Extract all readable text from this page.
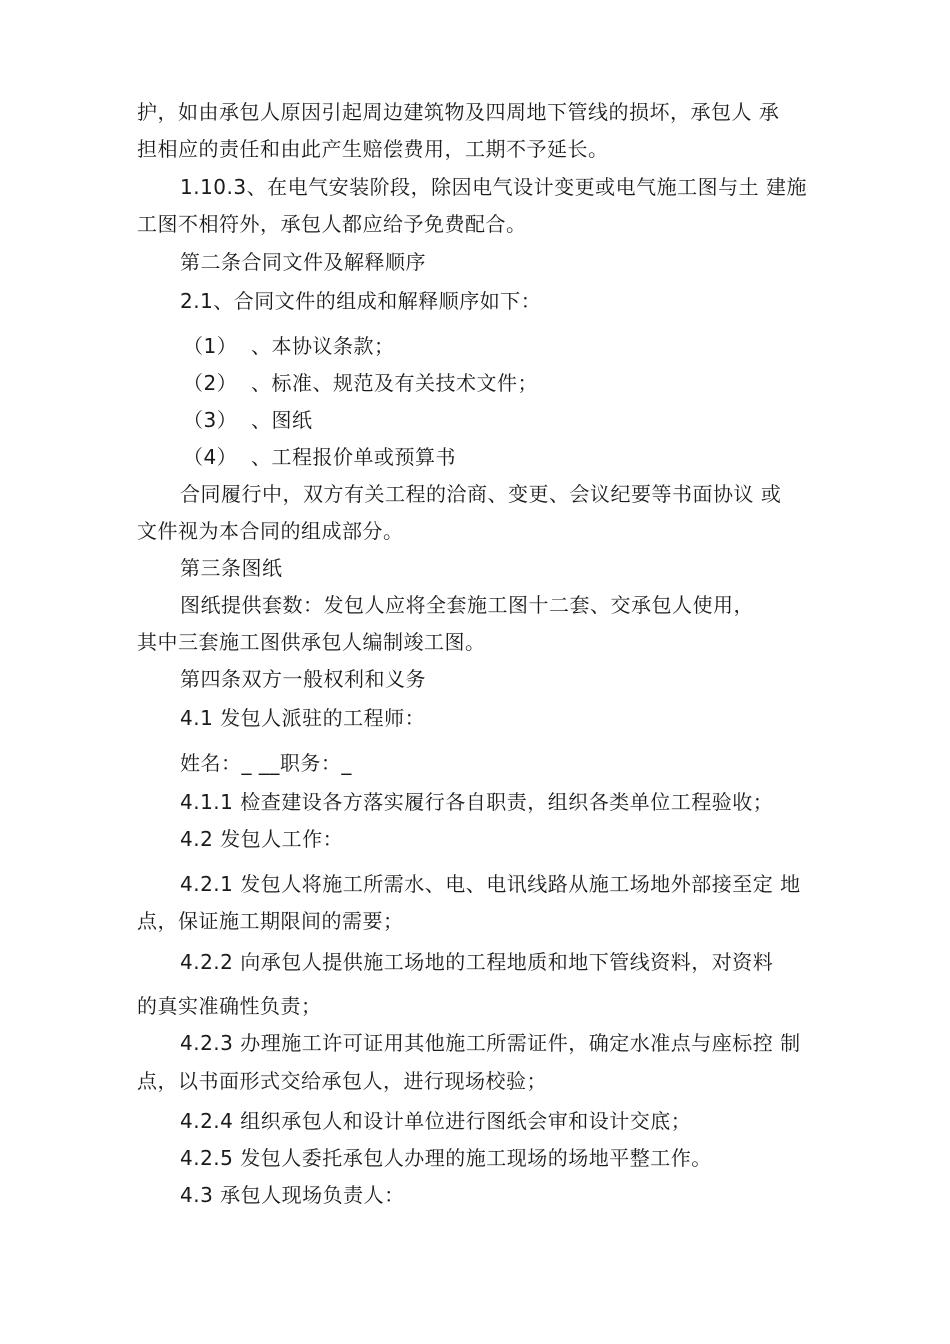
护，如由承包人原因引起周边建筑物及四周地下管线的损坏，承包人 承
担相应的责任和由此产生赔偿费用，工期不予延长。
1.10.3、在电气安装阶段，除因电气设计变更或电气施工图与土 建施
工图不相符外，承包人都应给予免费配合。
第二条合同文件及解释顺序
2.1、合同文件的组成和解释顺序如下：
（1）  、本协议条款；
（2）  、标准、规范及有关技术文件；
（3）  、图纸
（4）  、工程报价单或预算书
合同履行中，双方有关工程的洽商、变更、会议纪要等书面协议 或
文件视为本合同的组成部分。
第三条图纸
图纸提供套数：发包人应将全套施工图十二套、交承包人使用，
其中三套施工图供承包人编制竣工图。
第四条双方一般权利和义务
4.1 发包人派驻的工程师：
姓名：_ __职务：_
4.1.1 检查建设各方落实履行各自职责，组织各类单位工程验收；
4.2 发包人工作：
4.2.1 发包人将施工所需水、电、电讯线路从施工场地外部接至定 地
点，保证施工期限间的需要；
4.2.2 向承包人提供施工场地的工程地质和地下管线资料，对资料
的真实准确性负责；
4.2.3 办理施工许可证用其他施工所需证件，确定水准点与座标控 制
点，以书面形式交给承包人，进行现场校验；
4.2.4 组织承包人和设计单位进行图纸会审和设计交底；
4.2.5 发包人委托承包人办理的施工现场的场地平整工作。
4.3 承包人现场负责人：
